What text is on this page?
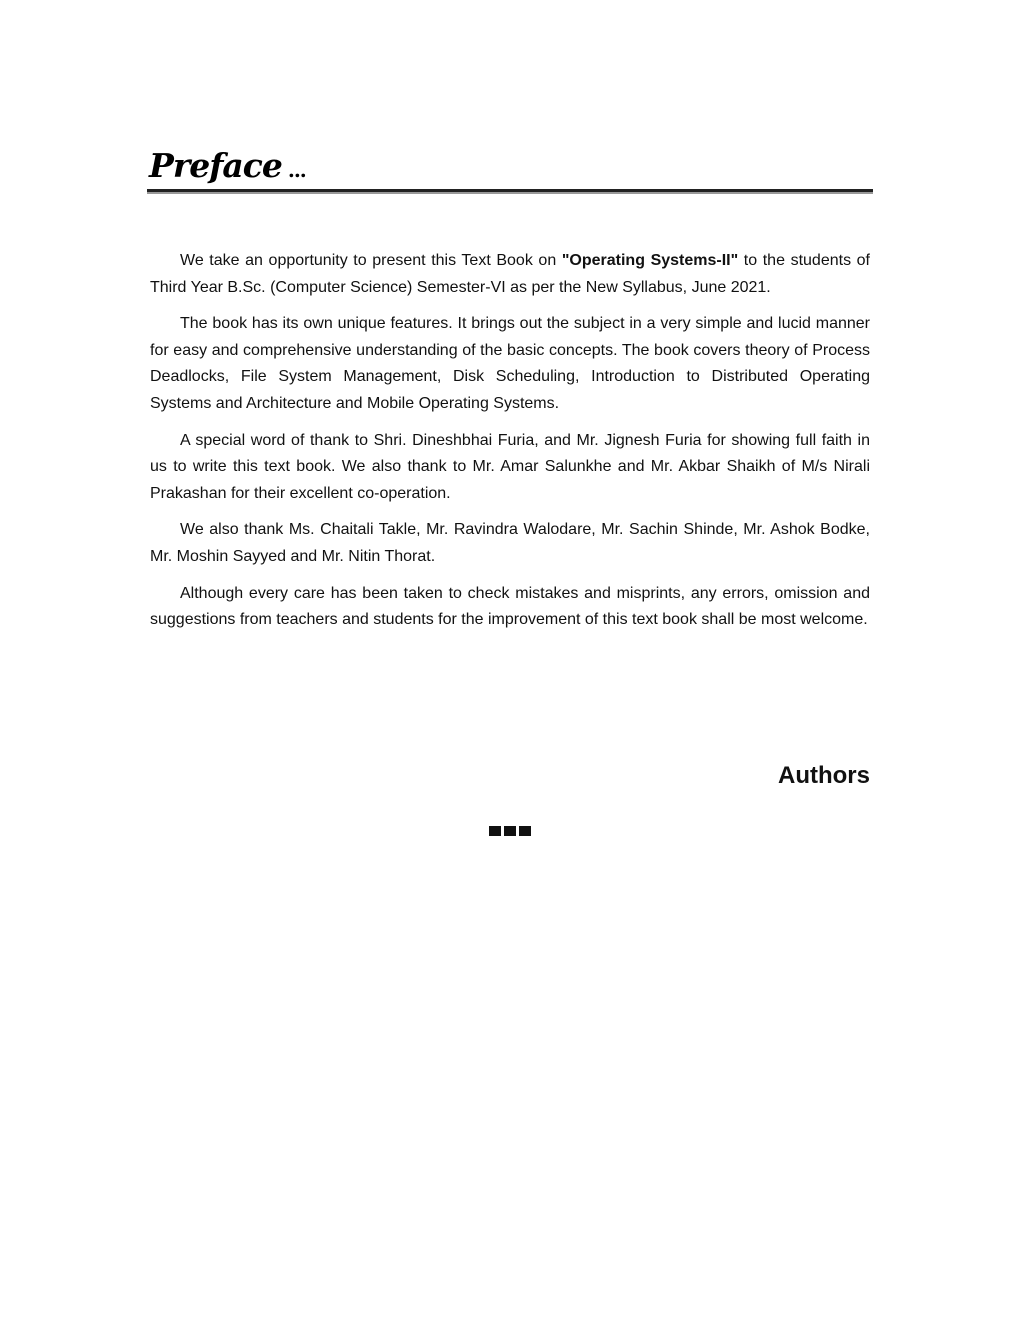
Preface ...

We take an opportunity to present this Text Book on "Operating Systems-II" to the students of Third Year B.Sc. (Computer Science) Semester-VI as per the New Syllabus, June 2021.

The book has its own unique features. It brings out the subject in a very simple and lucid manner for easy and comprehensive understanding of the basic concepts. The book covers theory of Process Deadlocks, File System Management, Disk Scheduling, Introduction to Distributed Operating Systems and Architecture and Mobile Operating Systems.

A special word of thank to Shri. Dineshbhai Furia, and Mr. Jignesh Furia for showing full faith in us to write this text book. We also thank to Mr. Amar Salunkhe and Mr. Akbar Shaikh of M/s Nirali Prakashan for their excellent co-operation.

We also thank Ms. Chaitali Takle, Mr. Ravindra Walodare, Mr. Sachin Shinde, Mr. Ashok Bodke, Mr. Moshin Sayyed and Mr. Nitin Thorat.

Although every care has been taken to check mistakes and misprints, any errors, omission and suggestions from teachers and students for the improvement of this text book shall be most welcome.

Authors
